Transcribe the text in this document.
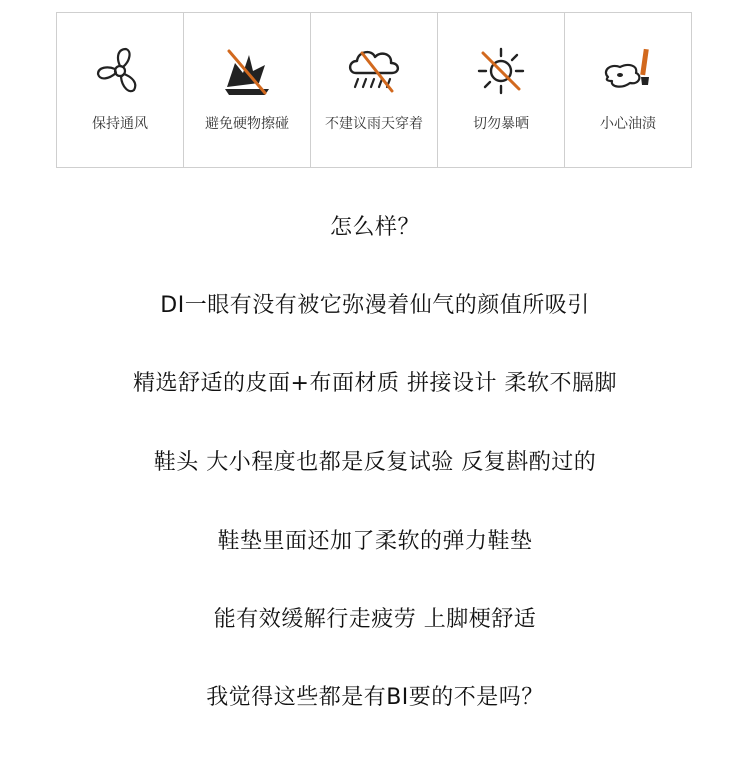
保持通风	避免硬物擦碰	不建议雨天穿着	切勿暴晒	小心油渍
怎么样？
DI一眼有没有被它弥漫着仙气的颜值所吸引
精选舒适的皮面+布面材质 拼接设计 柔软不膈脚
鞋头 大小程度也都是反复试验 反复斟酌过的
鞋垫里面还加了柔软的弹力鞋垫
能有效缓解行走疲劳 上脚梗舒适
我觉得这些都是有BI要的不是吗？
